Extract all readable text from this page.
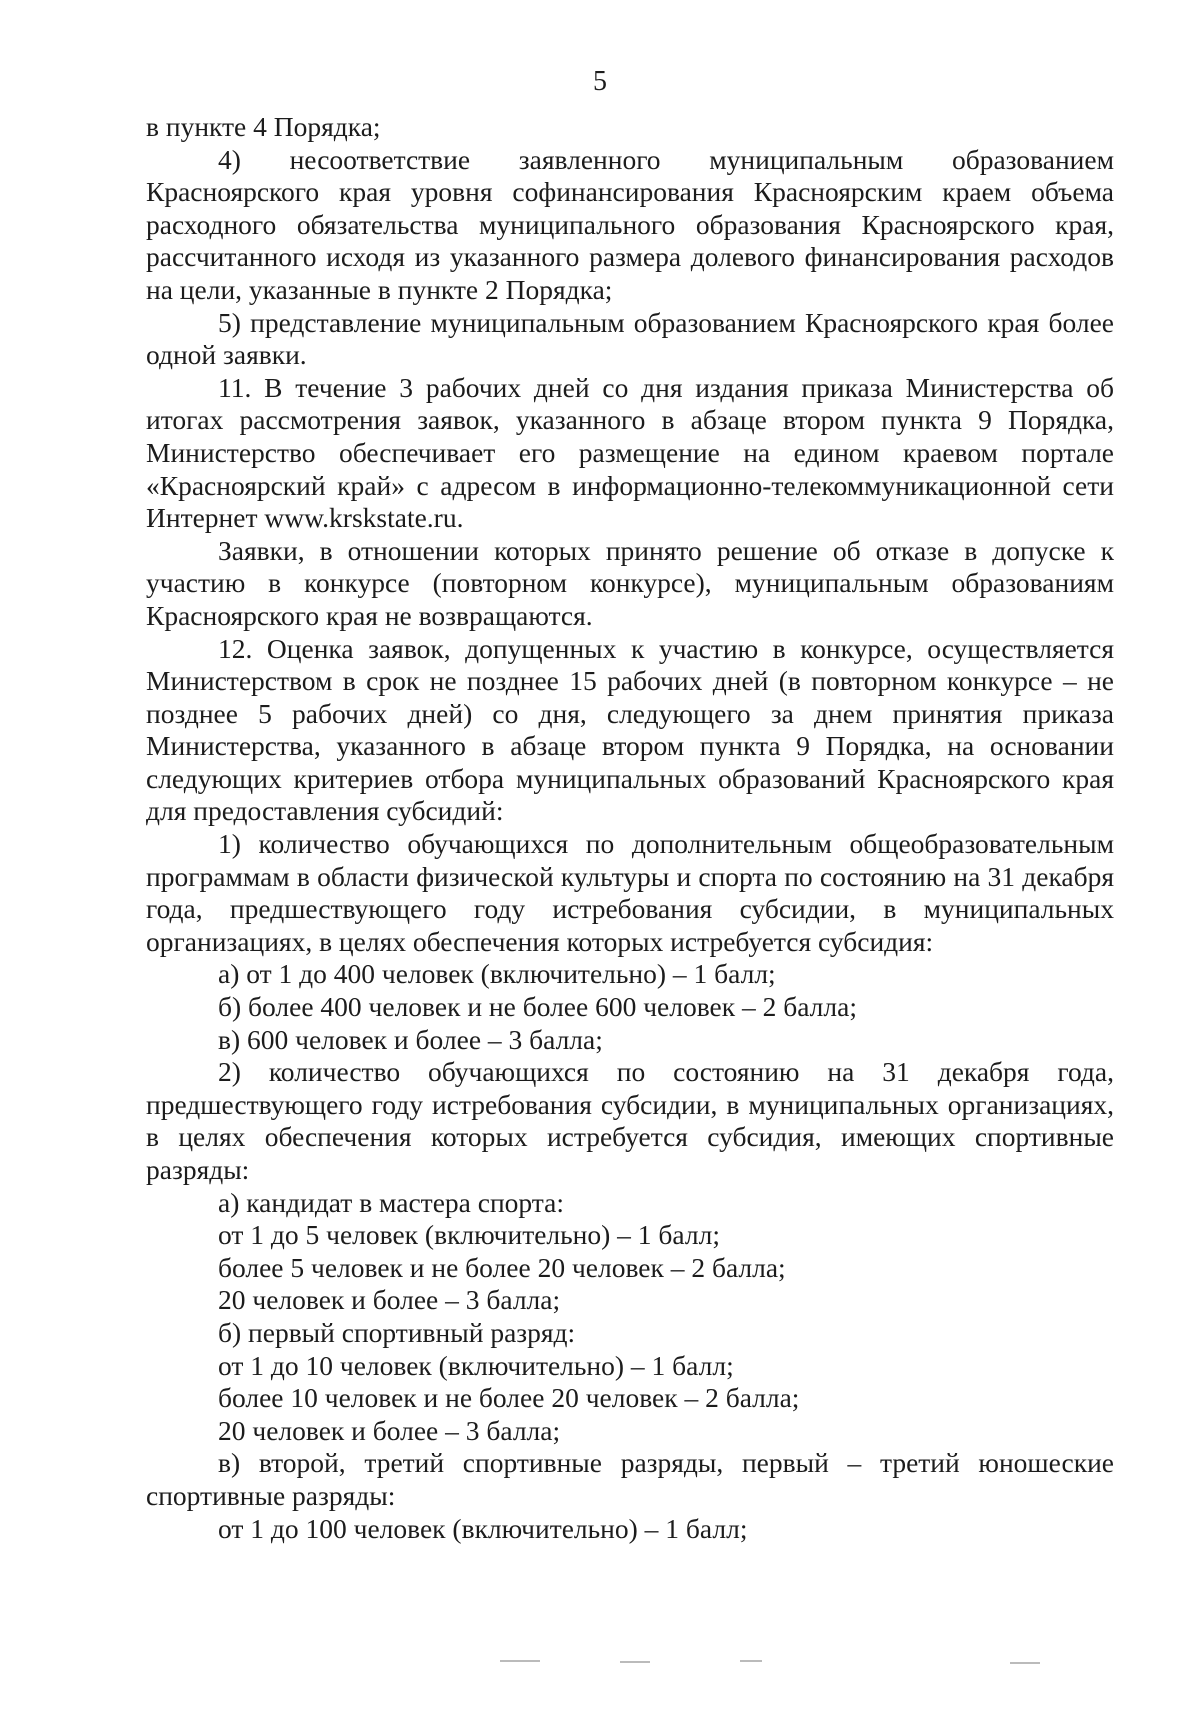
5

в пункте 4 Порядка;

4) несоответствие заявленного муниципальным образованием Красноярского края уровня софинансирования Красноярским краем объема расходного обязательства муниципального образования Красноярского края, рассчитанного исходя из указанного размера долевого финансирования расходов на цели, указанные в пункте 2 Порядка;

5) представление муниципальным образованием Красноярского края более одной заявки.

11. В течение 3 рабочих дней со дня издания приказа Министерства об итогах рассмотрения заявок, указанного в абзаце втором пункта 9 Порядка, Министерство обеспечивает его размещение на едином краевом портале «Красноярский край» с адресом в информационно-телекоммуникационной сети Интернет www.krskstate.ru.

Заявки, в отношении которых принято решение об отказе в допуске к участию в конкурсе (повторном конкурсе), муниципальным образованиям Красноярского края не возвращаются.

12. Оценка заявок, допущенных к участию в конкурсе, осуществляется Министерством в срок не позднее 15 рабочих дней (в повторном конкурсе – не позднее 5 рабочих дней) со дня, следующего за днем принятия приказа Министерства, указанного в абзаце втором пункта 9 Порядка, на основании следующих критериев отбора муниципальных образований Красноярского края для предоставления субсидий:

1) количество обучающихся по дополнительным общеобразовательным программам в области физической культуры и спорта по состоянию на 31 декабря года, предшествующего году истребования субсидии, в муниципальных организациях, в целях обеспечения которых истребуется субсидия:

а) от 1 до 400 человек (включительно) – 1 балл;

б) более 400 человек и не более 600 человек – 2 балла;

в) 600 человек и более – 3 балла;

2) количество обучающихся по состоянию на 31 декабря года, предшествующего году истребования субсидии, в муниципальных организациях, в целях обеспечения которых истребуется субсидия, имеющих спортивные разряды:

а) кандидат в мастера спорта:

от 1 до 5 человек (включительно) – 1 балл;

более 5 человек и не более 20 человек – 2 балла;

20 человек и более – 3 балла;

б) первый спортивный разряд:

от 1 до 10 человек (включительно) – 1 балл;

более 10 человек и не более 20 человек – 2 балла;

20 человек и более – 3 балла;

в) второй, третий спортивные разряды, первый – третий юношеские спортивные разряды:

от 1 до 100 человек (включительно) – 1 балл;
